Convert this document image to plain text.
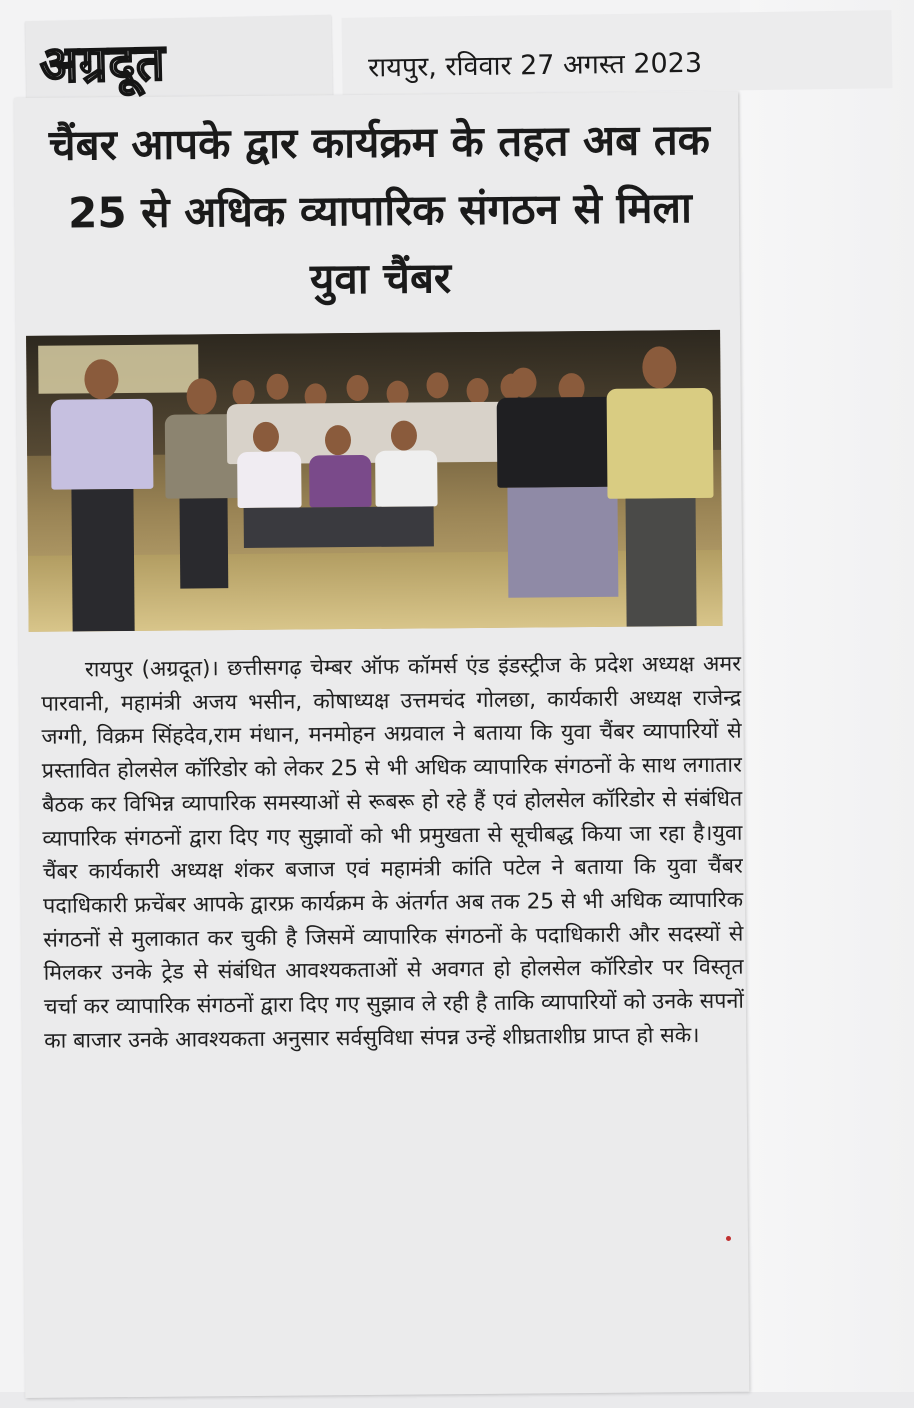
अग्रदूत	रायपुर, रविवार 27 अगस्त 2023
चैंबर आपके द्वार कार्यक्रम के तहत अब तक 25 से अधिक व्यापारिक संगठन से मिला युवा चैंबर

रायपुर (अग्रदूत)। छत्तीसगढ़ चेम्बर ऑफ कॉमर्स एंड इंडस्ट्रीज के प्रदेश अध्यक्ष अमर पारवानी, महामंत्री अजय भसीन, कोषाध्यक्ष उत्तमचंद गोलछा, कार्यकारी अध्यक्ष राजेन्द्र जग्गी, विक्रम सिंहदेव,राम मंधान, मनमोहन अग्रवाल ने बताया कि युवा चैंबर व्यापारियों से प्रस्तावित होलसेल कॉरिडोर को लेकर 25 से भी अधिक व्यापारिक संगठनों के साथ लगातार बैठक कर विभिन्न व्यापारिक समस्याओं से रूबरू हो रहे हैं एवं होलसेल कॉरिडोर से संबंधित व्यापारिक संगठनों द्वारा दिए गए सुझावों को भी प्रमुखता से सूचीबद्ध किया जा रहा है।युवा चैंबर कार्यकारी अध्यक्ष शंकर बजाज एवं महामंत्री कांति पटेल ने बताया कि युवा चैंबर पदाधिकारी फ्रचेंबर आपके द्वारफ्र कार्यक्रम के अंतर्गत अब तक 25 से भी अधिक व्यापारिक संगठनों से मुलाकात कर चुकी है जिसमें व्यापारिक संगठनों के पदाधिकारी और सदस्यों से मिलकर उनके ट्रेड से संबंधित आवश्यकताओं से अवगत हो होलसेल कॉरिडोर पर विस्तृत चर्चा कर व्यापारिक संगठनों द्वारा दिए गए सुझाव ले रही है ताकि व्यापारियों को उनके सपनों का बाजार उनके आवश्यकता अनुसार सर्वसुविधा संपन्न उन्हें शीघ्रताशीघ्र प्राप्त हो सके।
